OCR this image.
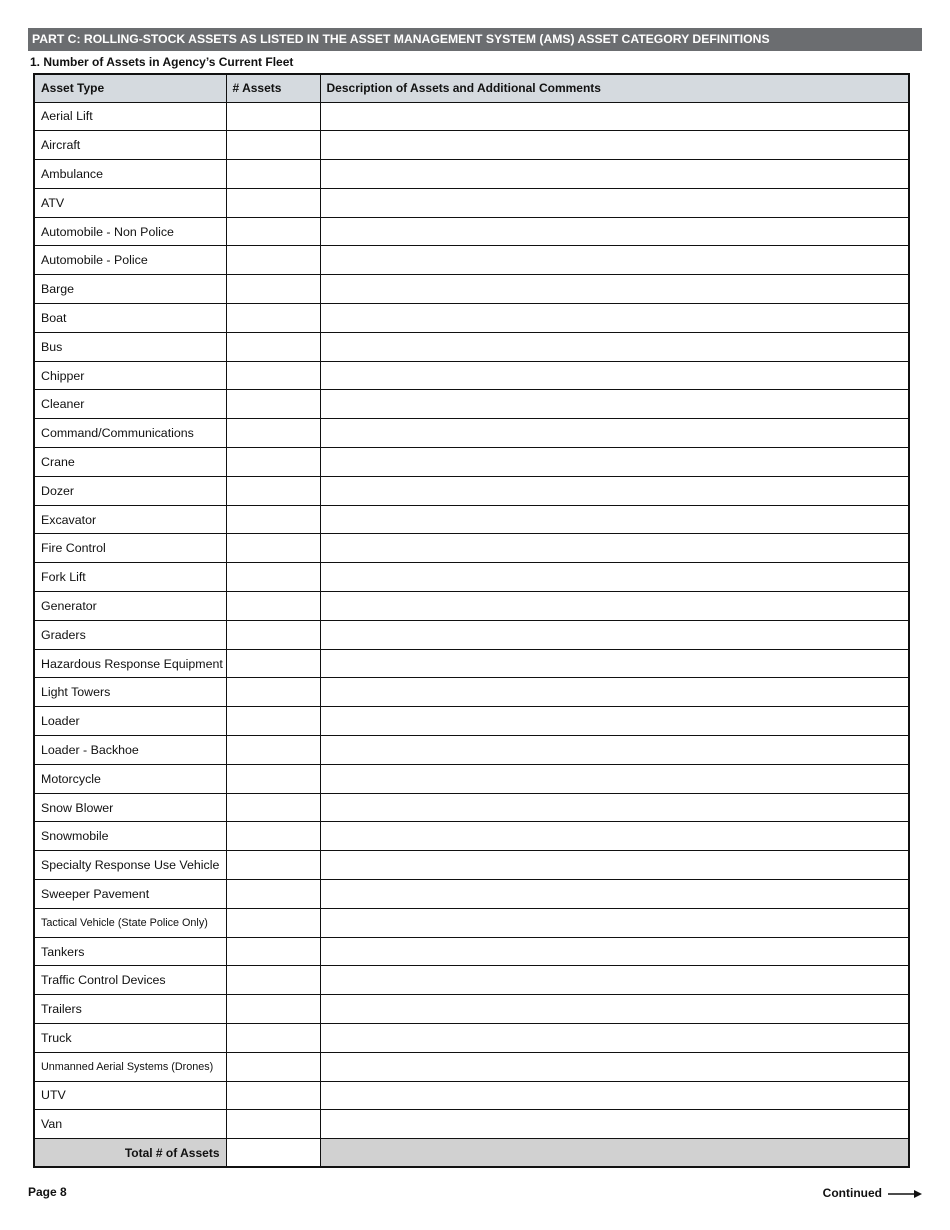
PART C: ROLLING-STOCK ASSETS AS LISTED IN THE ASSET MANAGEMENT SYSTEM (AMS) ASSET CATEGORY DEFINITIONS
1. Number of Assets in Agency’s Current Fleet
Asset Type	# Assets	Description of Assets and Additional Comments
Aerial Lift		
Aircraft		
Ambulance		
ATV		
Automobile - Non Police		
Automobile - Police		
Barge		
Boat		
Bus		
Chipper		
Cleaner		
Command/Communications		
Crane		
Dozer		
Excavator		
Fire Control		
Fork Lift		
Generator		
Graders		
Hazardous Response Equipment		
Light Towers		
Loader		
Loader - Backhoe		
Motorcycle		
Snow Blower		
Snowmobile		
Specialty Response Use Vehicle		
Sweeper Pavement		
Tactical Vehicle (State Police Only)		
Tankers		
Traffic Control Devices		
Trailers		
Truck		
Unmanned Aerial Systems (Drones)		
UTV		
Van		
Total # of Assets		
Page 8	Continued
